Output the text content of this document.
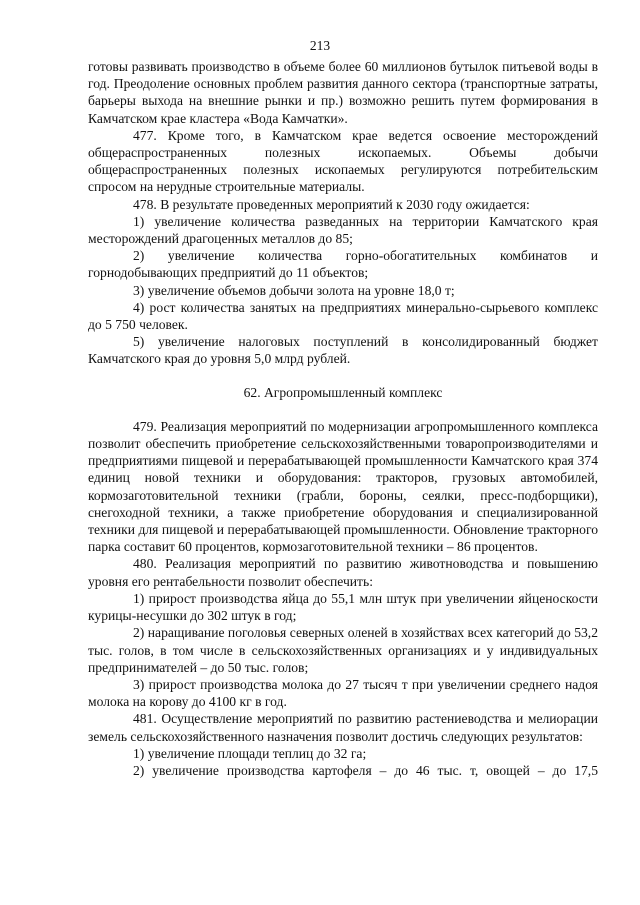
213

готовы развивать производство в объеме более 60 миллионов бутылок питьевой воды в год. Преодоление основных проблем развития данного сектора (транспортные затраты, барьеры выхода на внешние рынки и пр.) возможно решить путем формирования в Камчатском крае кластера «Вода Камчатки».

477. Кроме того, в Камчатском крае ведется освоение месторождений общераспространенных полезных ископаемых. Объемы добычи общераспространенных полезных ископаемых регулируются потребительским спросом на нерудные строительные материалы.

478. В результате проведенных мероприятий к 2030 году ожидается:

1) увеличение количества разведанных на территории Камчатского края месторождений драгоценных металлов до 85;

2) увеличение количества горно-обогатительных комбинатов и горнодобывающих предприятий до 11 объектов;

3) увеличение объемов добычи золота на уровне 18,0 т;

4) рост количества занятых на предприятиях минерально-сырьевого комплекс до 5 750 человек.

5) увеличение налоговых поступлений в консолидированный бюджет Камчатского края до уровня 5,0 млрд рублей.

62. Агропромышленный комплекс

479. Реализация мероприятий по модернизации агропромышленного комплекса позволит обеспечить приобретение сельскохозяйственными товаропроизводителями и предприятиями пищевой и перерабатывающей промышленности Камчатского края 374 единиц новой техники и оборудования: тракторов, грузовых автомобилей, кормозаготовительной техники (грабли, бороны, сеялки, пресс-подборщики), снегоходной техники, а также приобретение оборудования и специализированной техники для пищевой и перерабатывающей промышленности. Обновление тракторного парка составит 60 процентов, кормозаготовительной техники – 86 процентов.

480. Реализация мероприятий по развитию животноводства и повышению уровня его рентабельности позволит обеспечить:

1) прирост производства яйца до 55,1 млн штук при увеличении яйценоскости курицы-несушки до 302 штук в год;

2) наращивание поголовья северных оленей в хозяйствах всех категорий до 53,2 тыс. голов, в том числе в сельскохозяйственных организациях и у индивидуальных предпринимателей – до 50 тыс. голов;

3) прирост производства молока до 27 тысяч т при увеличении среднего надоя молока на корову до 4100 кг в год.

481. Осуществление мероприятий по развитию растениеводства и мелиорации земель сельскохозяйственного назначения позволит достичь следующих результатов:

1) увеличение площади теплиц до 32 га;

2) увеличение производства картофеля – до 46 тыс. т, овощей – до 17,5
